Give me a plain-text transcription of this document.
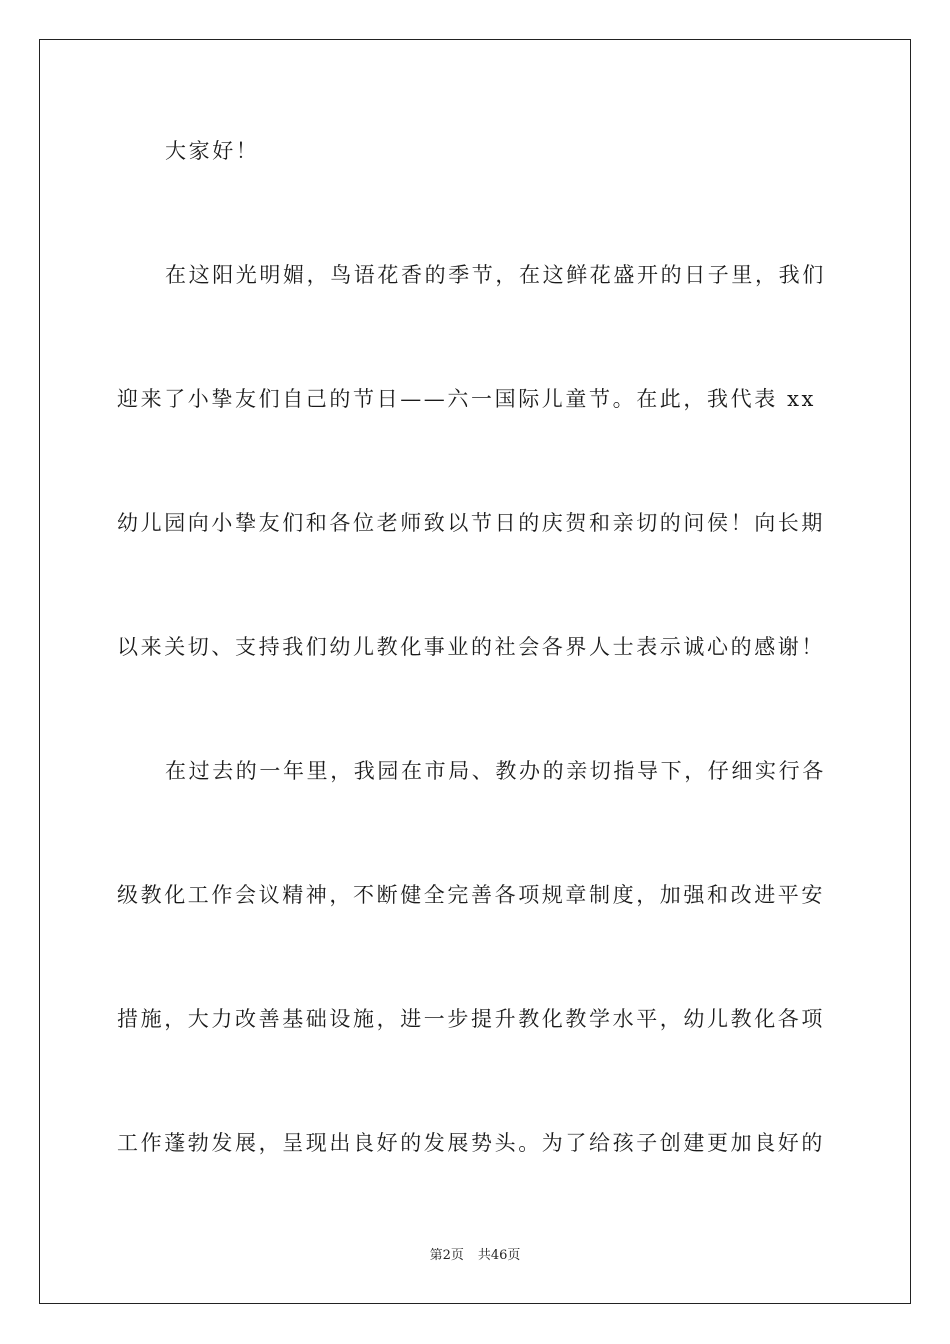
大家好！
在这阳光明媚，鸟语花香的季节，在这鲜花盛开的日子里，我们
迎来了小挚友们自己的节日——六一国际儿童节。在此，我代表 xx
幼儿园向小挚友们和各位老师致以节日的庆贺和亲切的问侯！向长期
以来关切、支持我们幼儿教化事业的社会各界人士表示诚心的感谢！
在过去的一年里，我园在市局、教办的亲切指导下，仔细实行各
级教化工作会议精神，不断健全完善各项规章制度，加强和改进平安
措施，大力改善基础设施，进一步提升教化教学水平，幼儿教化各项
工作蓬勃发展，呈现出良好的发展势头。为了给孩子创建更加良好的
第2页 共46页
